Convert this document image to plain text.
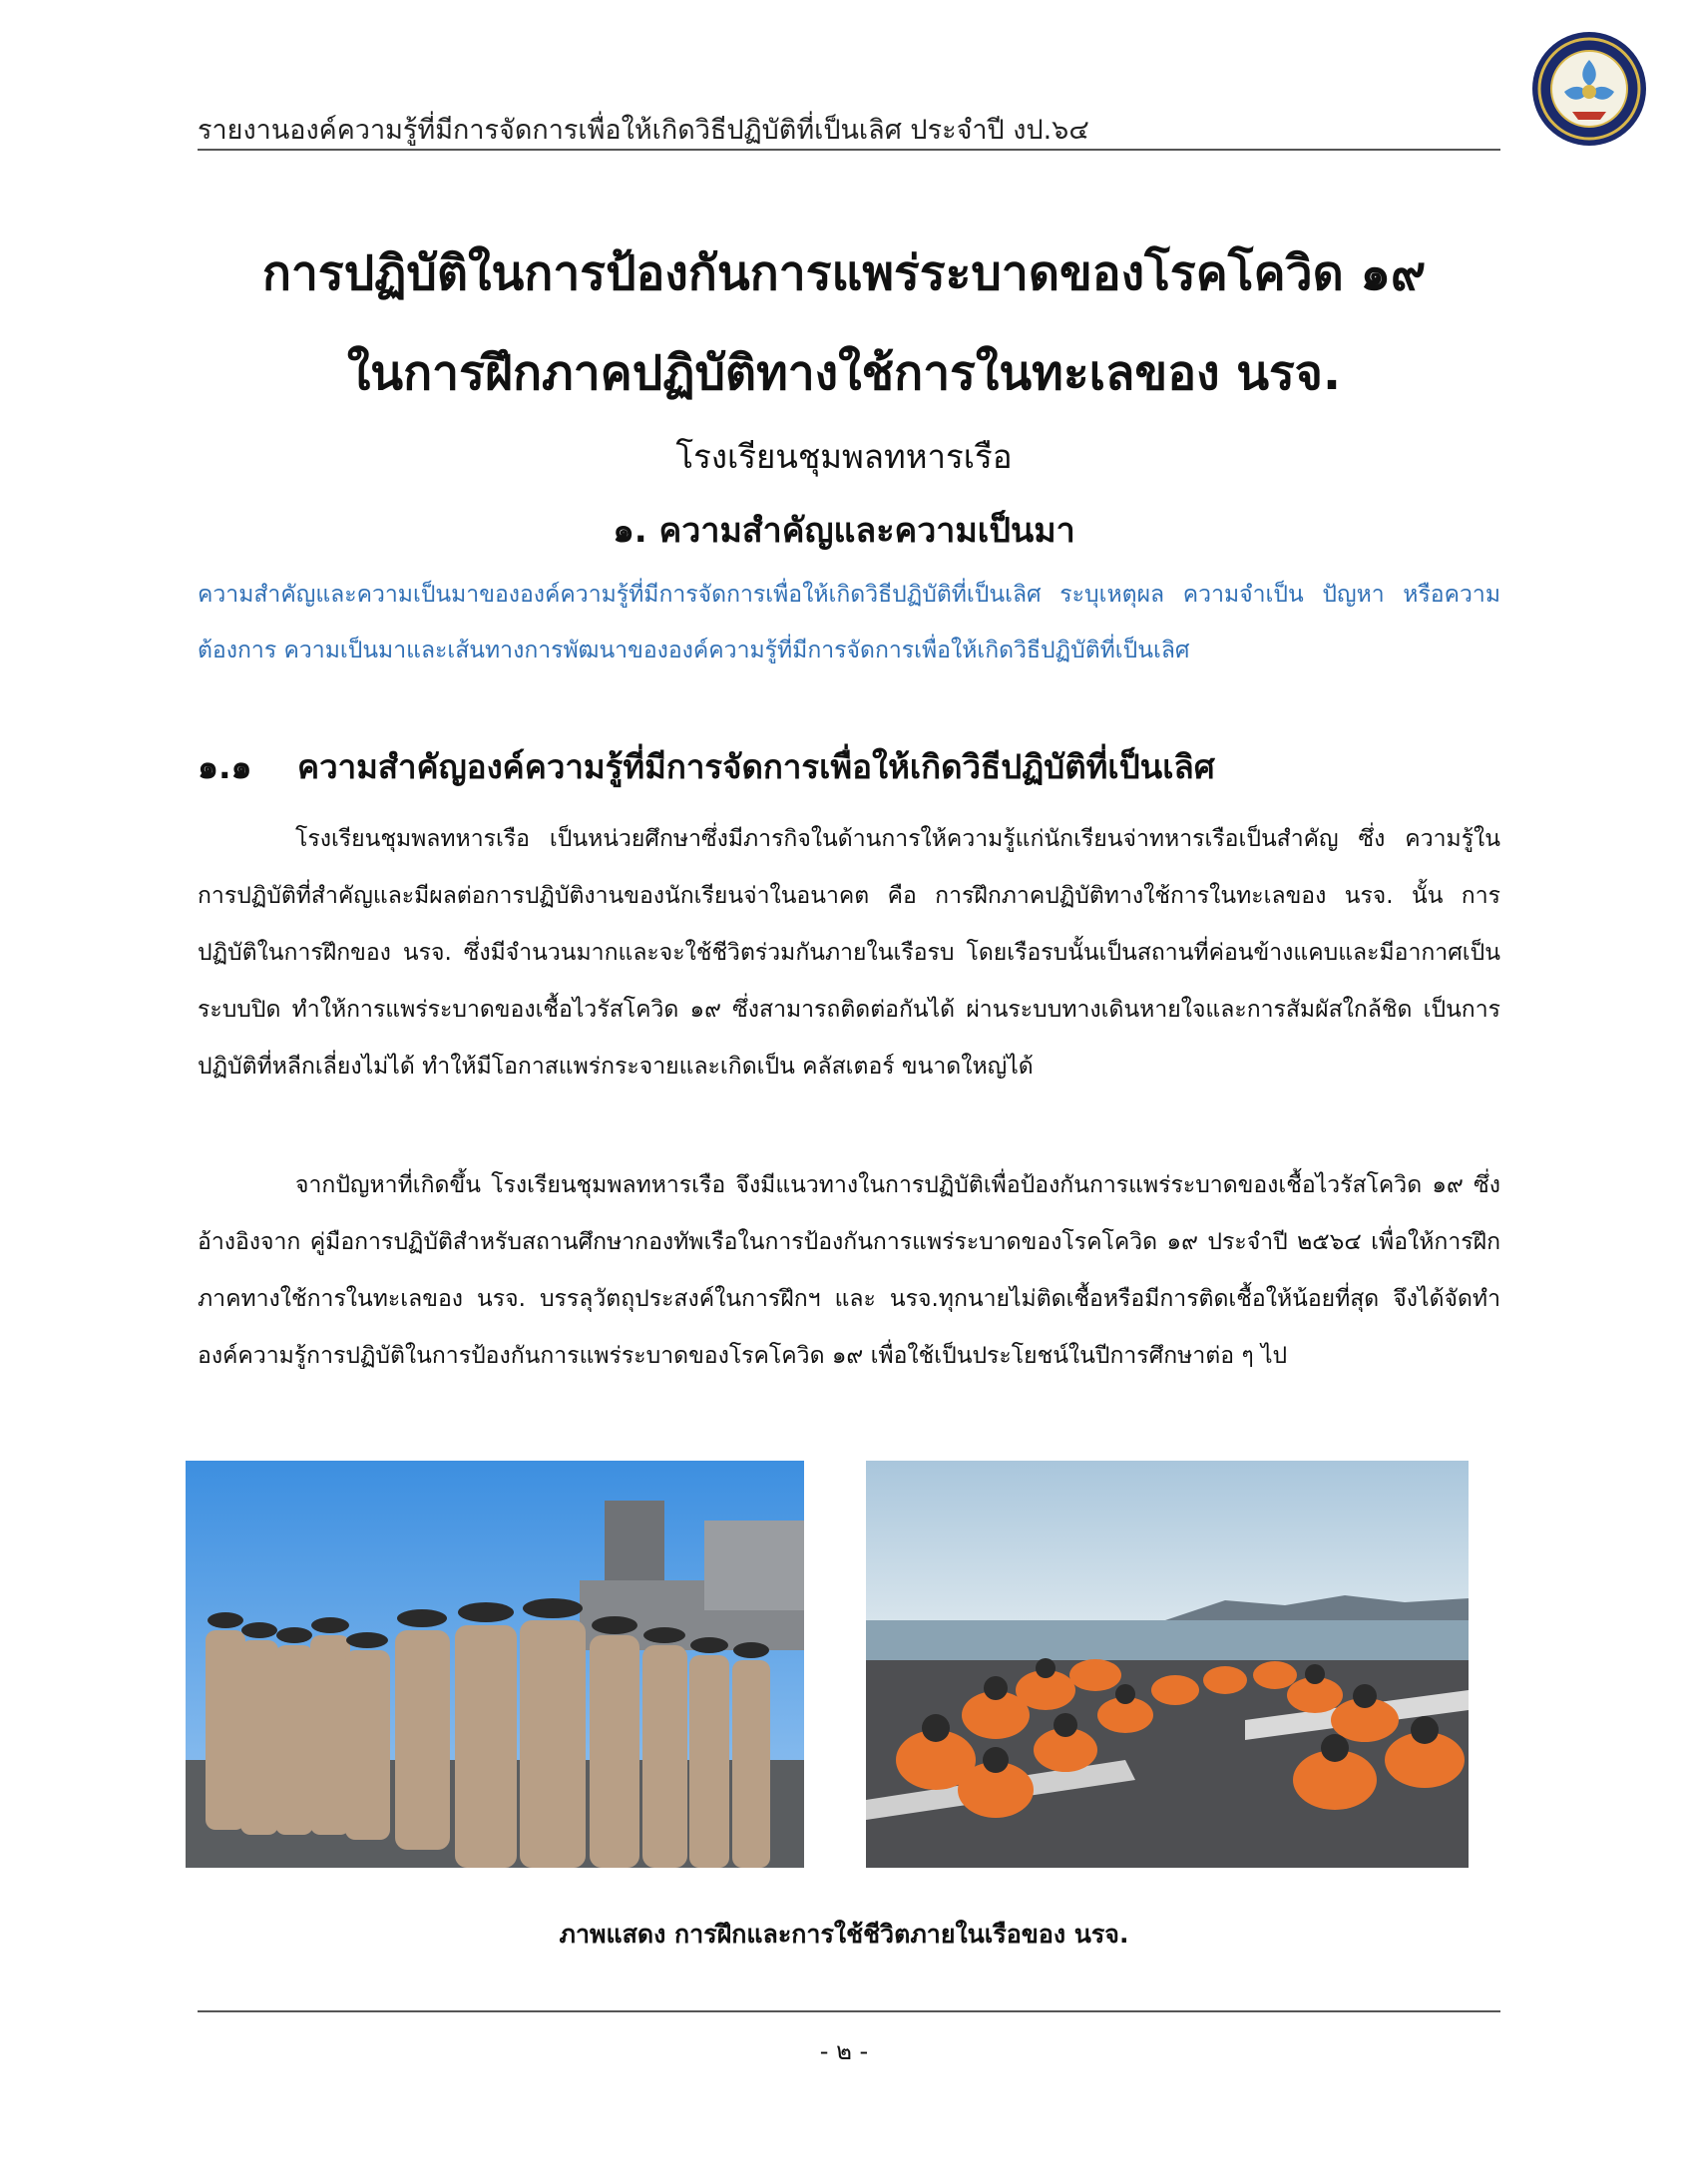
รายงานองค์ความรู้ที่มีการจัดการเพื่อให้เกิดวิธีปฏิบัติที่เป็นเลิศ ประจำปี งป.๖๔
การปฏิบัติในการป้องกันการแพร่ระบาดของโรคโควิด ๑๙
ในการฝึกภาคปฏิบัติทางใช้การในทะเลของ นรจ.
โรงเรียนชุมพลทหารเรือ
๑. ความสำคัญและความเป็นมา
ความสำคัญและความเป็นมาขององค์ความรู้ที่มีการจัดการเพื่อให้เกิดวิธีปฏิบัติที่เป็นเลิศ ระบุเหตุผล ความจำเป็น ปัญหา หรือความต้องการ ความเป็นมาและเส้นทางการพัฒนาขององค์ความรู้ที่มีการจัดการเพื่อให้เกิดวิธีปฏิบัติที่เป็นเลิศ
๑.๑ ความสำคัญองค์ความรู้ที่มีการจัดการเพื่อให้เกิดวิธีปฏิบัติที่เป็นเลิศ
โรงเรียนชุมพลทหารเรือ เป็นหน่วยศึกษาซึ่งมีภารกิจในด้านการให้ความรู้แก่นักเรียนจ่าทหารเรือเป็นสำคัญ ซึ่ง ความรู้ในการปฏิบัติที่สำคัญและมีผลต่อการปฏิบัติงานของนักเรียนจ่าในอนาคต คือ การฝึกภาคปฏิบัติทางใช้การในทะเลของ นรจ. นั้น การปฏิบัติในการฝึกของ นรจ. ซึ่งมีจำนวนมากและจะใช้ชีวิตร่วมกันภายในเรือรบ โดยเรือรบนั้นเป็นสถานที่ค่อนข้างแคบและมีอากาศเป็นระบบปิด ทำให้การแพร่ระบาดของเชื้อไวรัสโควิด ๑๙ ซึ่งสามารถติดต่อกันได้ ผ่านระบบทางเดินหายใจและการสัมผัสใกล้ชิด เป็นการปฏิบัติที่หลีกเลี่ยงไม่ได้ ทำให้มีโอกาสแพร่กระจายและเกิดเป็น คลัสเตอร์ ขนาดใหญ่ได้
จากปัญหาที่เกิดขึ้น โรงเรียนชุมพลทหารเรือ จึงมีแนวทางในการปฏิบัติเพื่อป้องกันการแพร่ระบาดของเชื้อไวรัสโควิด ๑๙ ซึ่งอ้างอิงจาก คู่มือการปฏิบัติสำหรับสถานศึกษากองทัพเรือในการป้องกันการแพร่ระบาดของโรคโควิด ๑๙ ประจำปี ๒๕๖๔ เพื่อให้การฝึกภาคทางใช้การในทะเลของ นรจ. บรรลุวัตถุประสงค์ในการฝึกฯ และ นรจ.ทุกนายไม่ติดเชื้อหรือมีการติดเชื้อให้น้อยที่สุด จึงได้จัดทำองค์ความรู้การปฏิบัติในการป้องกันการแพร่ระบาดของโรคโควิด ๑๙ เพื่อใช้เป็นประโยชน์ในปีการศึกษาต่อ ๆ ไป
ภาพแสดง การฝึกและการใช้ชีวิตภายในเรือของ นรจ.
- ๒ -
